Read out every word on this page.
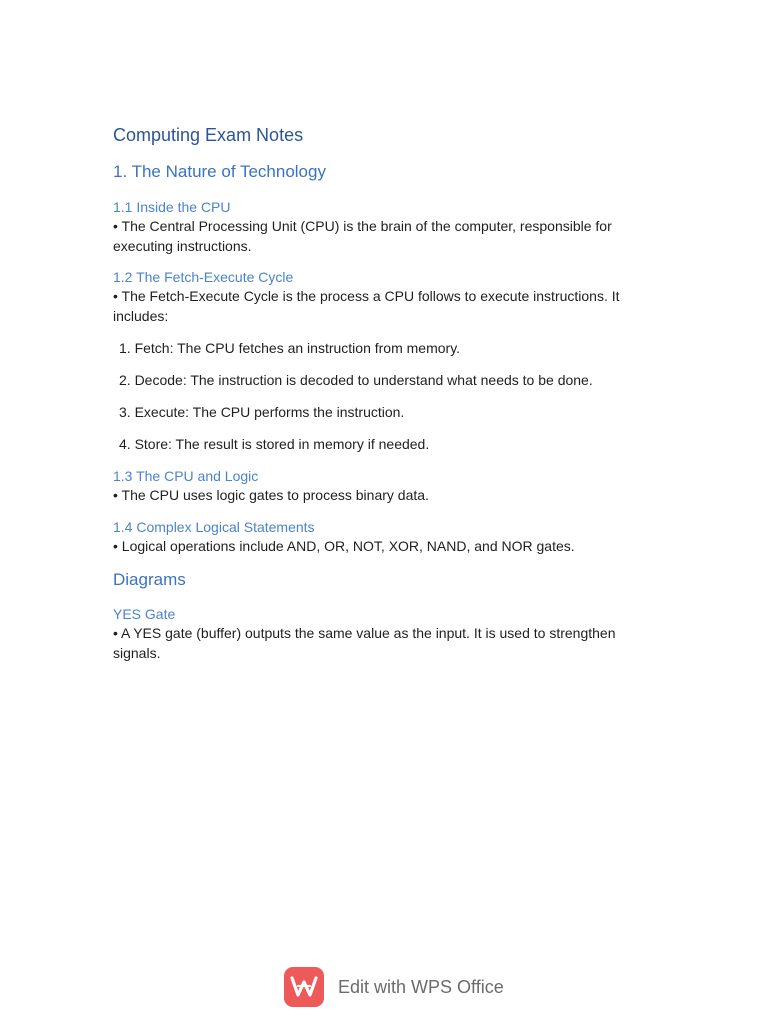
Computing Exam Notes
1. The Nature of Technology
1.1 Inside the CPU

• The Central Processing Unit (CPU) is the brain of the computer, responsible for executing instructions.

1.2 The Fetch-Execute Cycle

• The Fetch-Execute Cycle is the process a CPU follows to execute instructions. It includes:

1. Fetch: The CPU fetches an instruction from memory.
2. Decode: The instruction is decoded to understand what needs to be done.
3. Execute: The CPU performs the instruction.
4. Store: The result is stored in memory if needed.
1.3 The CPU and Logic

• The CPU uses logic gates to process binary data.

1.4 Complex Logical Statements

• Logical operations include AND, OR, NOT, XOR, NAND, and NOR gates.

Diagrams
YES Gate

• A YES gate (buffer) outputs the same value as the input. It is used to strengthen signals.

Edit with WPS Office
